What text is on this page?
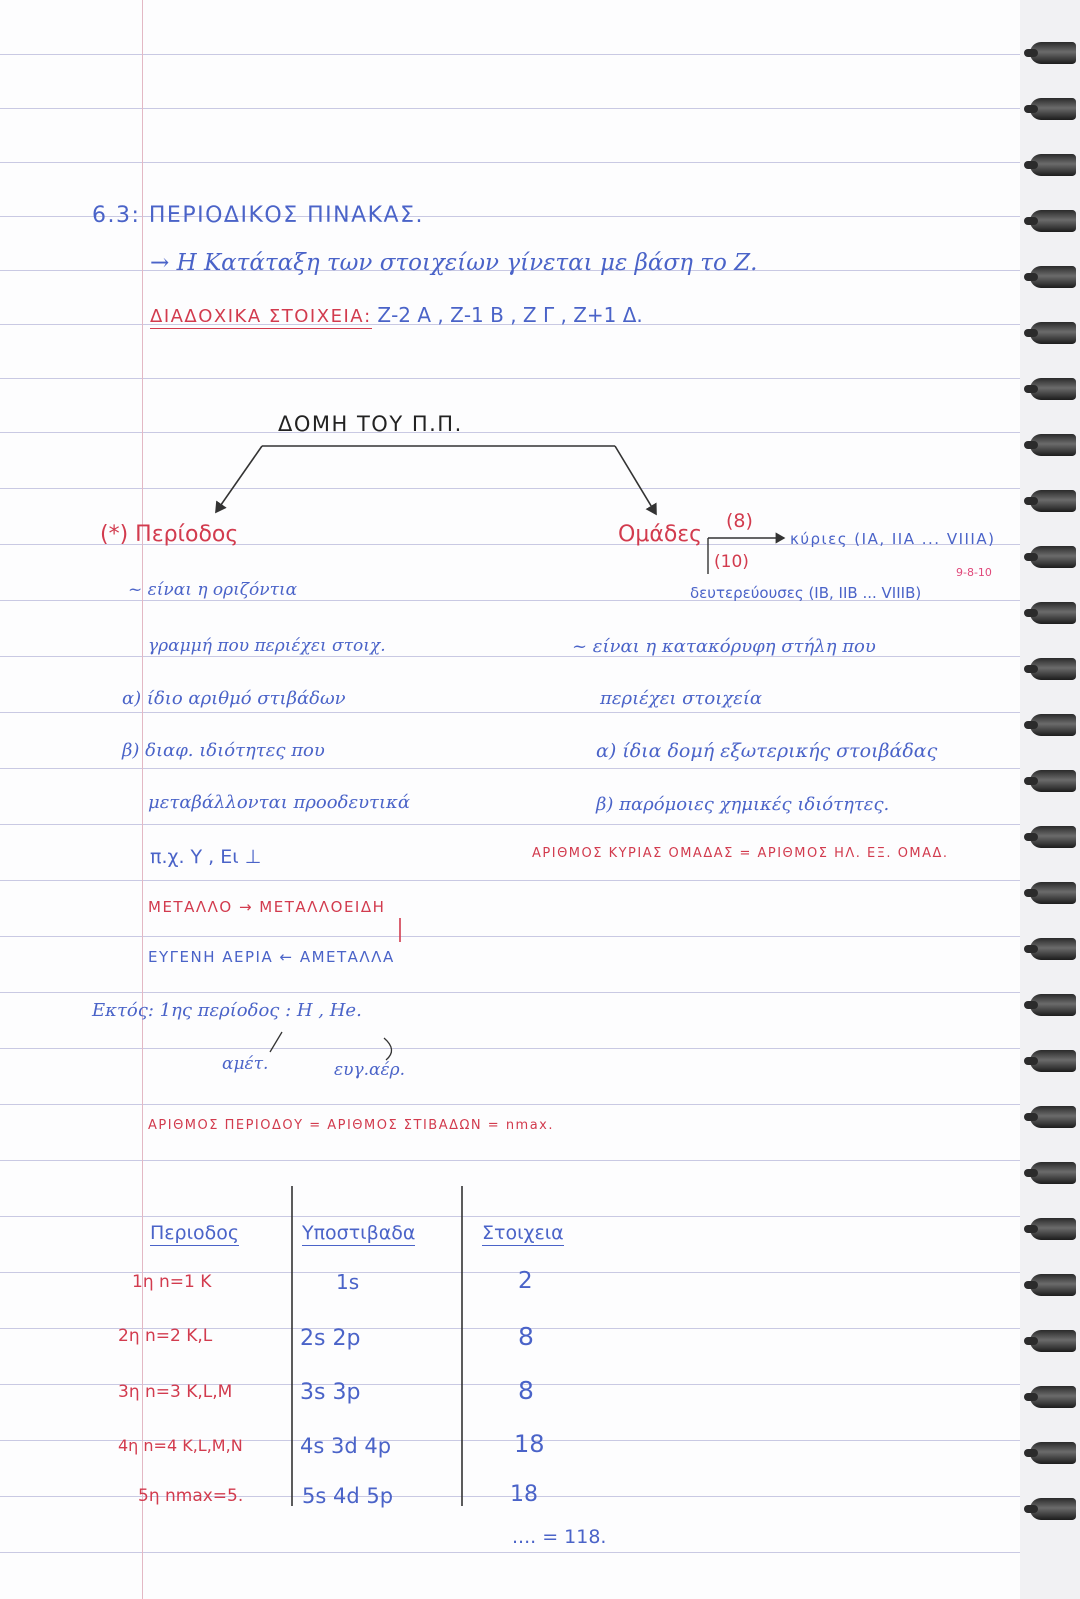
6.3: ΠΕΡΙΟΔΙΚΟΣ ΠΙΝΑΚΑΣ.
→ Η Κατάταξη των στοιχείων γίνεται με βάση το Ζ.
ΔΙΑΔΟΧΙΚΑ ΣΤΟΙΧΕΙΑ: Ζ-2 Α , Ζ-1 Β , Ζ Γ , Ζ+1 Δ.
ΔΟΜΗ ΤΟΥ Π.Π.
(*) Περίοδος
~ είναι η οριζόντια
γραμμή που περιέχει στοιχ.
α) ίδιο αριθμό στιβάδων
β) διαφ. ιδιότητες που
μεταβάλλονται προοδευτικά
π.χ. Υ , Ει ⊥
ΜΕΤΑΛΛΟ → ΜΕΤΑΛΛΟΕΙΔΗ
ΕΥΓΕΝΗ ΑΕΡΙΑ ← ΑΜΕΤΑΛΛΑ
Εκτός: 1ης περίοδος : Η , Ηe.
αμέτ.	ευγ.αέρ.
Ομάδες
(8)
κύριες (ΙΑ, ΙΙΑ ... VIIIA)
(10)
9-8-10
δευτερεύουσες (ΙΒ, ΙΙΒ ... VIIIB)
~ είναι η κατακόρυφη στήλη που
περιέχει στοιχεία
α) ίδια δομή εξωτερικής στοιβάδας
β) παρόμοιες χημικές ιδιότητες.
ΑΡΙΘΜΟΣ ΚΥΡΙΑΣ ΟΜΑΔΑΣ = ΑΡΙΘΜΟΣ ΗΛ. ΕΞ. ΟΜΑΔ.
ΑΡΙΘΜΟΣ ΠΕΡΙΟΔΟΥ = ΑΡΙΘΜΟΣ ΣΤΙΒΑΔΩΝ = nmax.
Περιοδος	Υποστιβαδα	Στοιχεια
1η n=1 K	1s	2
2η n=2 K,L	2s 2p	8
3η n=3 K,L,M	3s 3p	8
4η n=4 K,L,M,N	4s 3d 4p	18
5η nmax=5.	5s 4d 5p	18
.... = 118.
